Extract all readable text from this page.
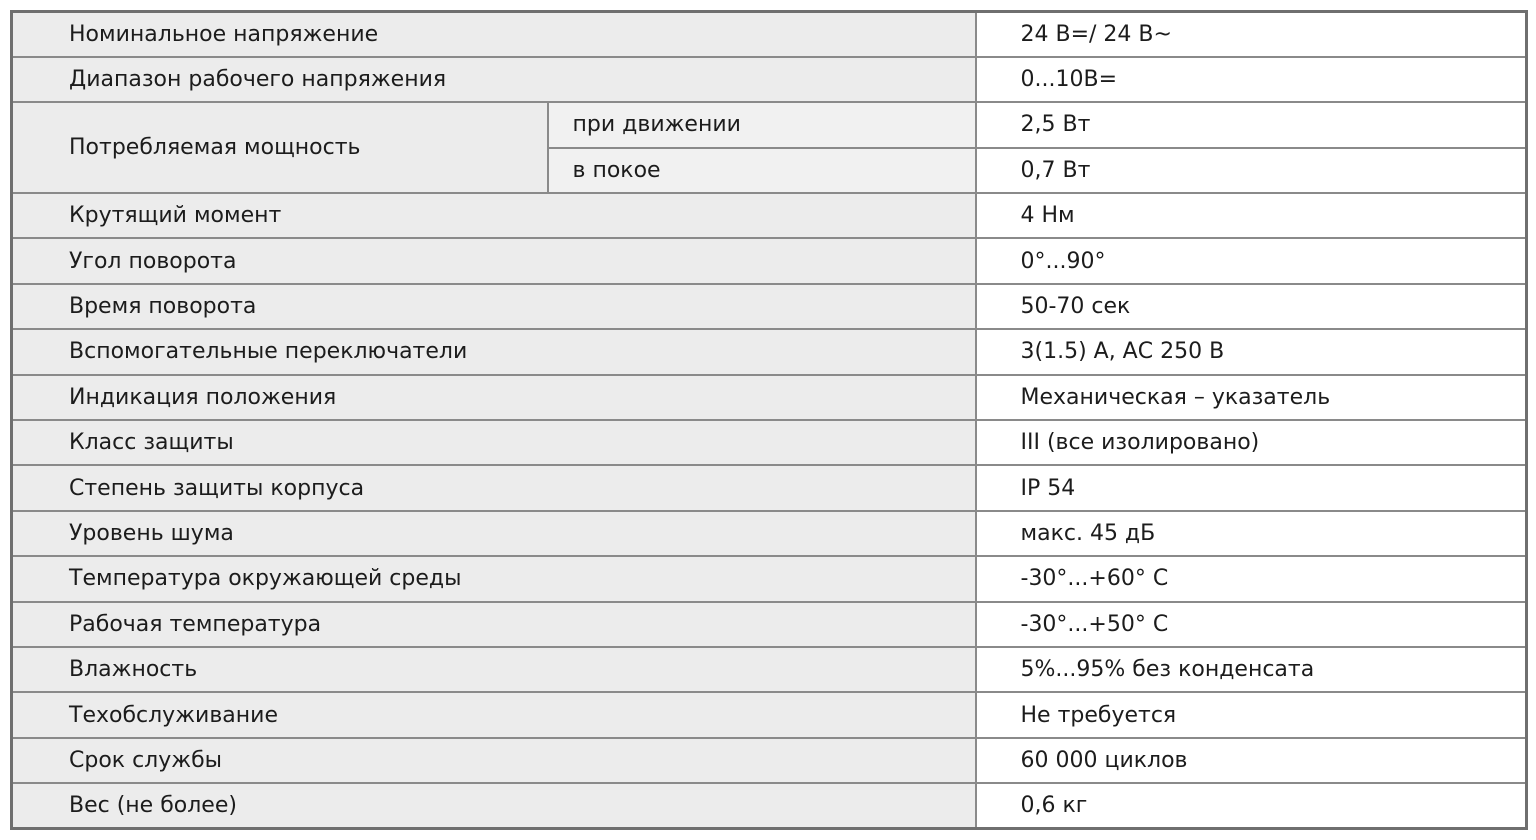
Номинальное напряжение		24 В=/ 24 В~
Диапазон рабочего напряжения		0...10В=
Потребляемая мощность	при движении	2,5 Вт
	в покое	0,7 Вт
Крутящий момент		4 Нм
Угол поворота		0°...90°
Время поворота		50-70 сек
Вспомогательные переключатели		3(1.5) А, АС 250 В
Индикация положения		Механическая – указатель
Класс защиты		III (все изолировано)
Степень защиты корпуса		IP 54
Уровень шума		макс. 45 дБ
Температура окружающей среды		-30°...+60° С
Рабочая температура		-30°...+50° С
Влажность		5%...95% без конденсата
Техобслуживание		Не требуется
Срок службы		60 000 циклов
Вес (не более)		0,6 кг
